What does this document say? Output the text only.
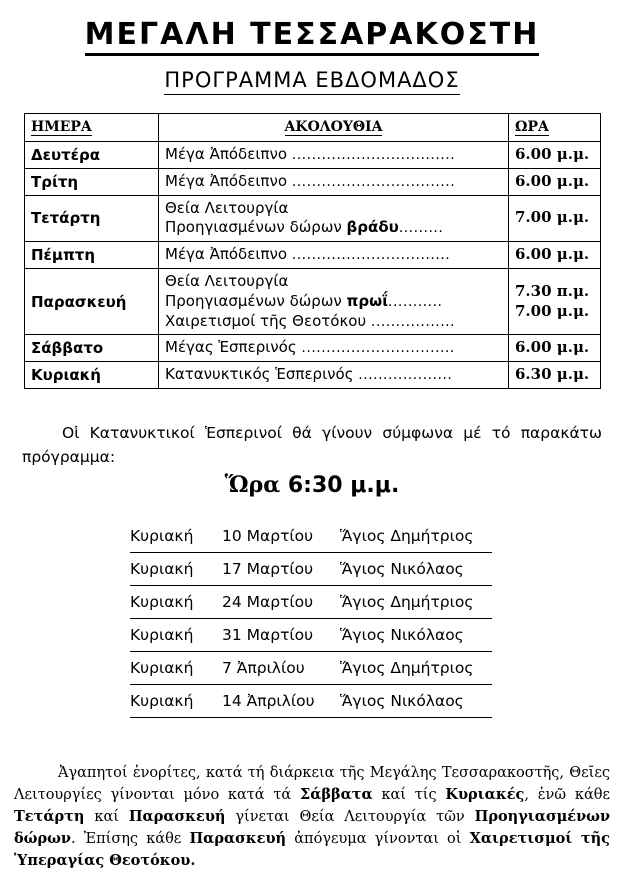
ΜΕΓΑΛΗ ΤΕΣΣΑΡΑΚΟΣΤΗ
ΠΡΟΓΡΑΜΜΑ ΕΒΔΟΜΑΔΟΣ
ΗΜΕΡΑ	ΑΚΟΛΟΥΘΙΑ	ΩΡΑ
Δευτέρα	Μέγα Ἀπόδειπνο .................................	6.00 μ.μ.
Τρίτη	Μέγα Ἀπόδειπνο .................................	6.00 μ.μ.
Τετάρτη	Θεία Λειτουργία
Προηγιασμένων δώρων βράδυ.........	7.00 μ.μ.
Πέμπτη	Μέγα Ἀπόδειπνο ................................	6.00 μ.μ.
Παρασκευή	Θεία Λειτουργία
Προηγιασμένων δώρων πρωΐ...........
Χαιρετισμοί τῆς Θεοτόκου .................	7.30 π.μ.
7.00 μ.μ.
Σάββατο	Μέγας Ἑσπερινός ...............................	6.00 μ.μ.
Κυριακή	Κατανυκτικός Ἑσπερινός ...................	6.30 μ.μ.
Οἱ Κατανυκτικοί Ἑσπερινοί θά γίνουν σύμφωνα μέ τό παρακάτω πρόγραμμα:
Ὥρα 6:30 μ.μ.
Κυριακή	10 Μαρτίου	Ἅγιος Δημήτριος
Κυριακή	17 Μαρτίου	Ἅγιος Νικόλαος
Κυριακή	24 Μαρτίου	Ἅγιος Δημήτριος
Κυριακή	31 Μαρτίου	Ἅγιος Νικόλαος
Κυριακή	7 Ἀπριλίου	Ἅγιος Δημήτριος
Κυριακή	14 Ἀπριλίου	Ἅγιος Νικόλαος
Ἀγαπητοί ἐνορίτες, κατά τή διάρκεια τῆς Μεγάλης Τεσσαρακοστῆς, Θεῖες Λειτουργίες γίνονται μόνο κατά τά Σάββατα καί τίς Κυριακές, ἐνῶ κάθε Τετάρτη καί Παρασκευή γίνεται Θεία Λειτουργία τῶν Προηγιασμένων δώρων. Ἐπίσης κάθε Παρασκευή ἀπόγευμα γίνονται οἱ Χαιρετισμοί τῆς Ὑπεραγίας Θεοτόκου.
